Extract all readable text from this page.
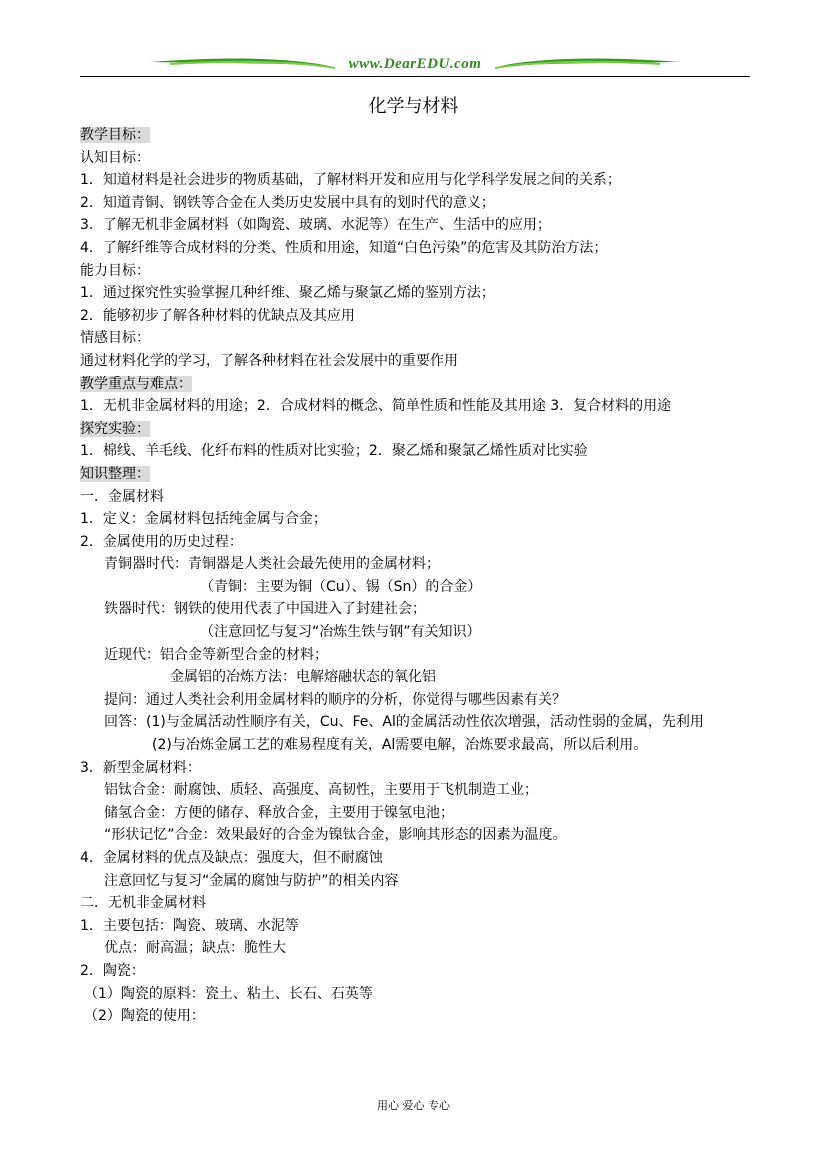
www.DearEDU.com
化学与材料
教学目标：
认知目标：
1．知道材料是社会进步的物质基础，了解材料开发和应用与化学科学发展之间的关系；
2．知道青铜、钢铁等合金在人类历史发展中具有的划时代的意义；
3．了解无机非金属材料（如陶瓷、玻璃、水泥等）在生产、生活中的应用；
4．了解纤维等合成材料的分类、性质和用途，知道“白色污染”的危害及其防治方法；
能力目标：
1．通过探究性实验掌握几种纤维、聚乙烯与聚氯乙烯的鉴别方法；
2．能够初步了解各种材料的优缺点及其应用
情感目标：
通过材料化学的学习，了解各种材料在社会发展中的重要作用
教学重点与难点：
1．无机非金属材料的用途；2．合成材料的概念、简单性质和性能及其用途 3．复合材料的用途
探究实验：
1．棉线、羊毛线、化纤布料的性质对比实验；2．聚乙烯和聚氯乙烯性质对比实验
知识整理：
一．金属材料
1．定义：金属材料包括纯金属与合金；
2．金属使用的历史过程：
青铜器时代：青铜器是人类社会最先使用的金属材料；
（青铜：主要为铜（Cu）、锡（Sn）的合金）
铁器时代：钢铁的使用代表了中国进入了封建社会；
（注意回忆与复习“冶炼生铁与钢”有关知识）
近现代：铝合金等新型合金的材料；
金属铝的冶炼方法：电解熔融状态的氧化铝
提问：通过人类社会利用金属材料的顺序的分析，你觉得与哪些因素有关？
回答：(1)与金属活动性顺序有关，Cu、Fe、Al的金属活动性依次增强，活动性弱的金属，先利用
(2)与冶炼金属工艺的难易程度有关，Al需要电解，冶炼要求最高，所以后利用。
3．新型金属材料：
铝钛合金：耐腐蚀、质轻、高强度、高韧性，主要用于飞机制造工业；
储氢合金：方便的储存、释放合金，主要用于镍氢电池；
“形状记忆”合金：效果最好的合金为镍钛合金，影响其形态的因素为温度。
4．金属材料的优点及缺点：强度大，但不耐腐蚀
注意回忆与复习“金属的腐蚀与防护”的相关内容
二．无机非金属材料
1．主要包括：陶瓷、玻璃、水泥等
优点：耐高温；缺点：脆性大
2．陶瓷：
（1）陶瓷的原料：瓷土、粘土、长石、石英等
（2）陶瓷的使用：
用心 爱心 专心
